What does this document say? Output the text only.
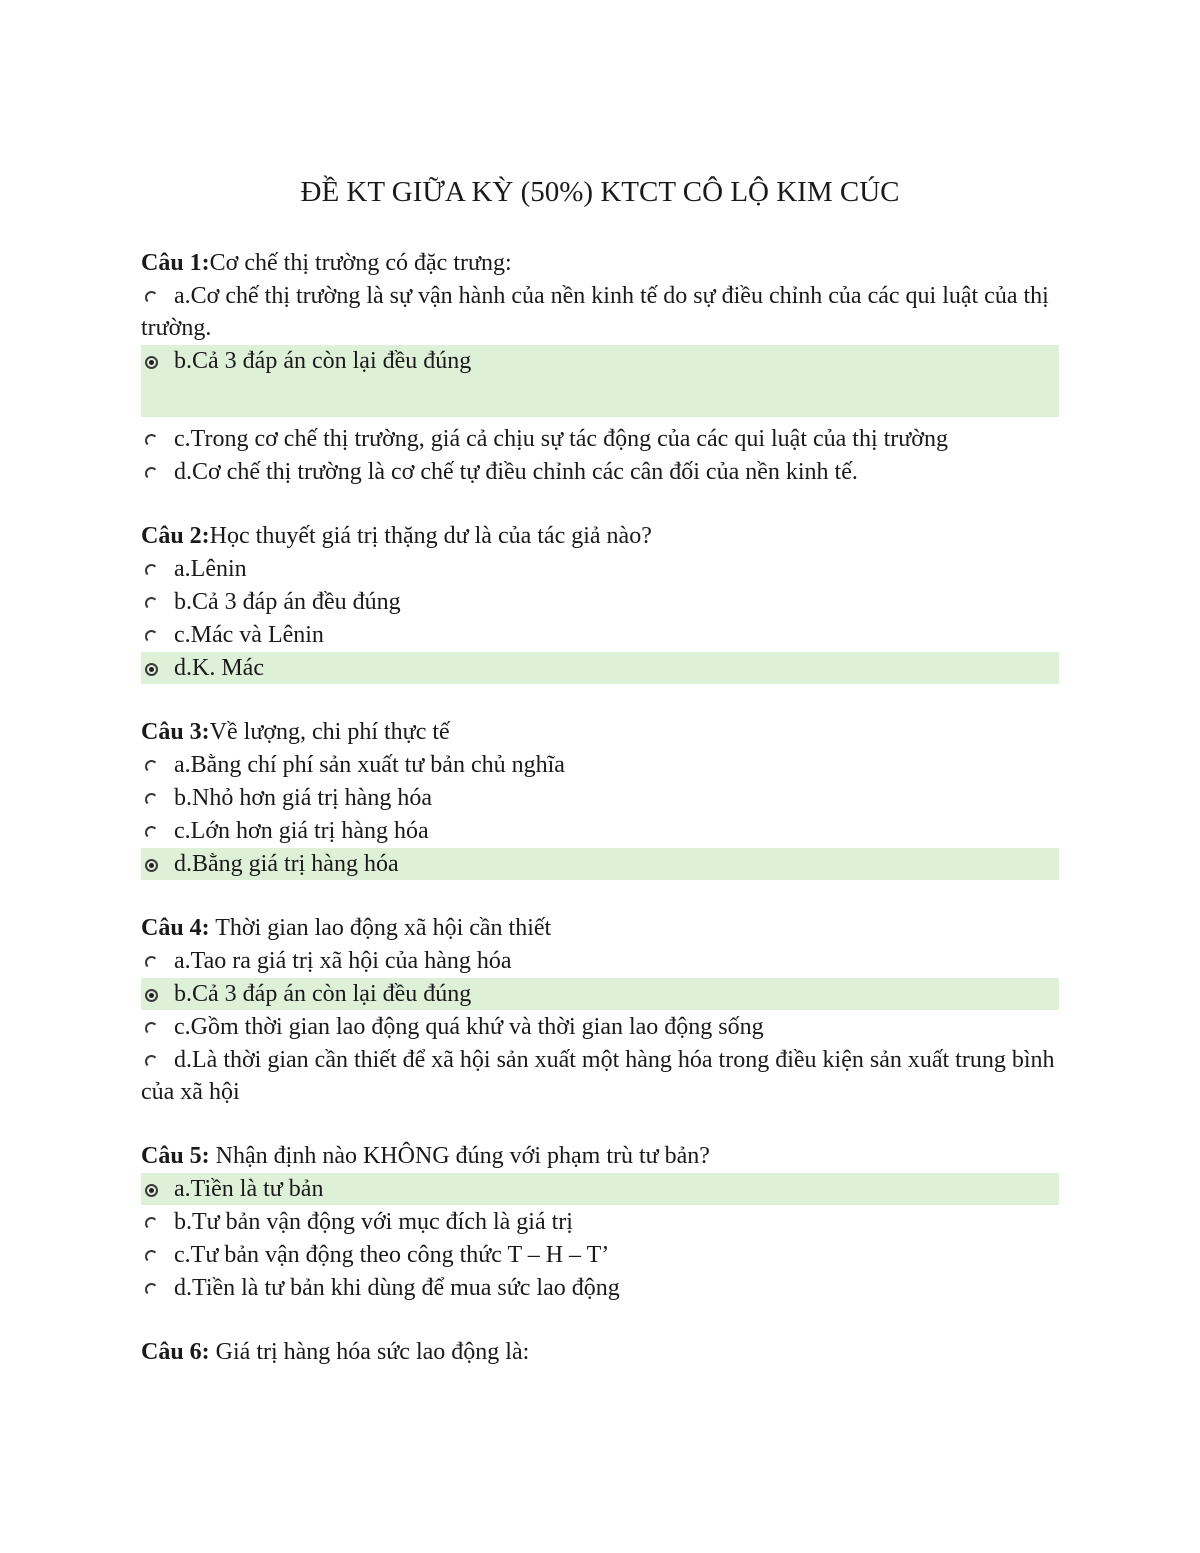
ĐỀ KT GIỮA KỲ (50%) KTCT CÔ LỘ KIM CÚC
Câu 1:Cơ chế thị trường có đặc trưng:
a.Cơ chế thị trường là sự vận hành của nền kinh tế do sự điều chỉnh của các qui luật của thị trường.
b.Cả 3 đáp án còn lại đều đúng
c.Trong cơ chế thị trường, giá cả chịu sự tác động của các qui luật của thị trường
d.Cơ chế thị trường là cơ chế tự điều chỉnh các cân đối của nền kinh tế.
Câu 2:Học thuyết giá trị thặng dư là của tác giả nào?
a.Lênin
b.Cả 3 đáp án đều đúng
c.Mác và Lênin
d.K. Mác
Câu 3:Về lượng, chi phí thực tế
a.Bằng chí phí sản xuất tư bản chủ nghĩa
b.Nhỏ hơn giá trị hàng hóa
c.Lớn hơn giá trị hàng hóa
d.Bằng giá trị hàng hóa
Câu 4: Thời gian lao động xã hội cần thiết
a.Tao ra giá trị xã hội của hàng hóa
b.Cả 3 đáp án còn lại đều đúng
c.Gồm thời gian lao động quá khứ và thời gian lao động sống
d.Là thời gian cần thiết để xã hội sản xuất một hàng hóa trong điều kiện sản xuất trung bình của xã hội
Câu 5: Nhận định nào KHÔNG đúng với phạm trù tư bản?
a.Tiền là tư bản
b.Tư bản vận động với mục đích là giá trị
c.Tư bản vận động theo công thức T – H – T’
d.Tiền là tư bản khi dùng để mua sức lao động
Câu 6: Giá trị hàng hóa sức lao động là:
